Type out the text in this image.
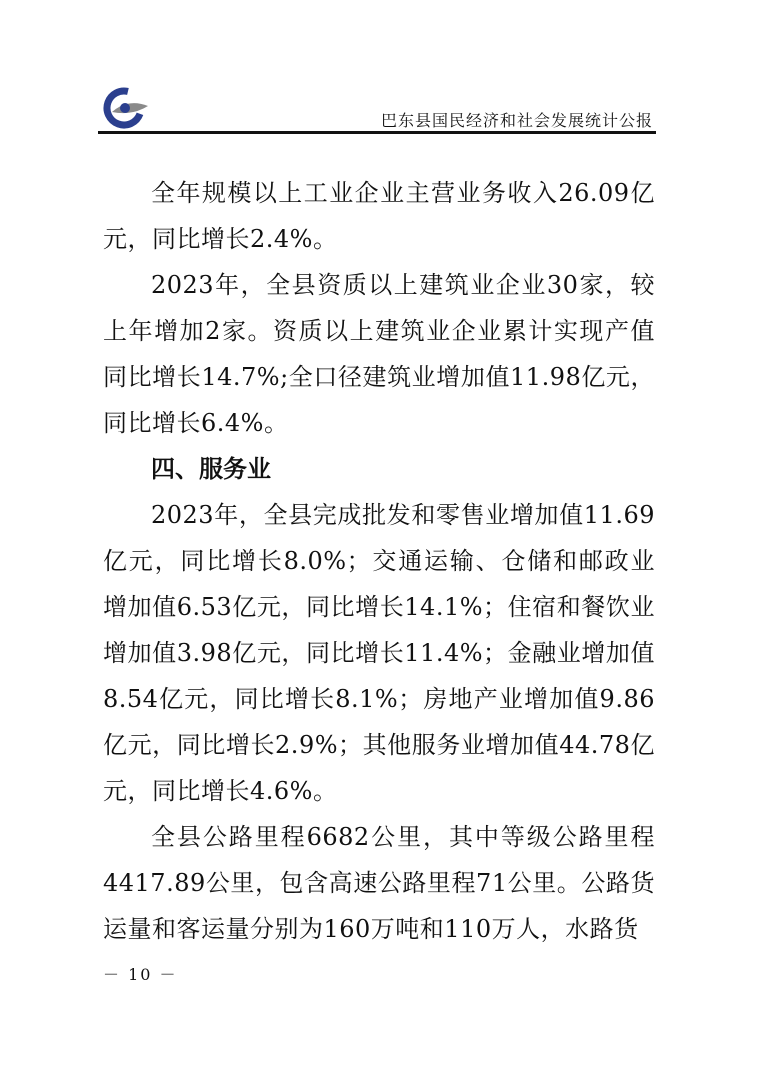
巴东县国民经济和社会发展统计公报

全年规模以上工业企业主营业务收入26.09亿元，同比增长2.4%。

2023年，全县资质以上建筑业企业30家，较上年增加2家。资质以上建筑业企业累计实现产值同比增长14.7%;全口径建筑业增加值11.98亿元，同比增长6.4%。

四、服务业

2023年，全县完成批发和零售业增加值11.69亿元，同比增长8.0%；交通运输、仓储和邮政业增加值6.53亿元，同比增长14.1%；住宿和餐饮业增加值3.98亿元，同比增长11.4%；金融业增加值8.54亿元，同比增长8.1%；房地产业增加值9.86亿元，同比增长2.9%；其他服务业增加值44.78亿元，同比增长4.6%。

全县公路里程6682公里，其中等级公路里程4417.89公里，包含高速公路里程71公里。公路货运量和客运量分别为160万吨和110万人，水路货

－ 10 －
